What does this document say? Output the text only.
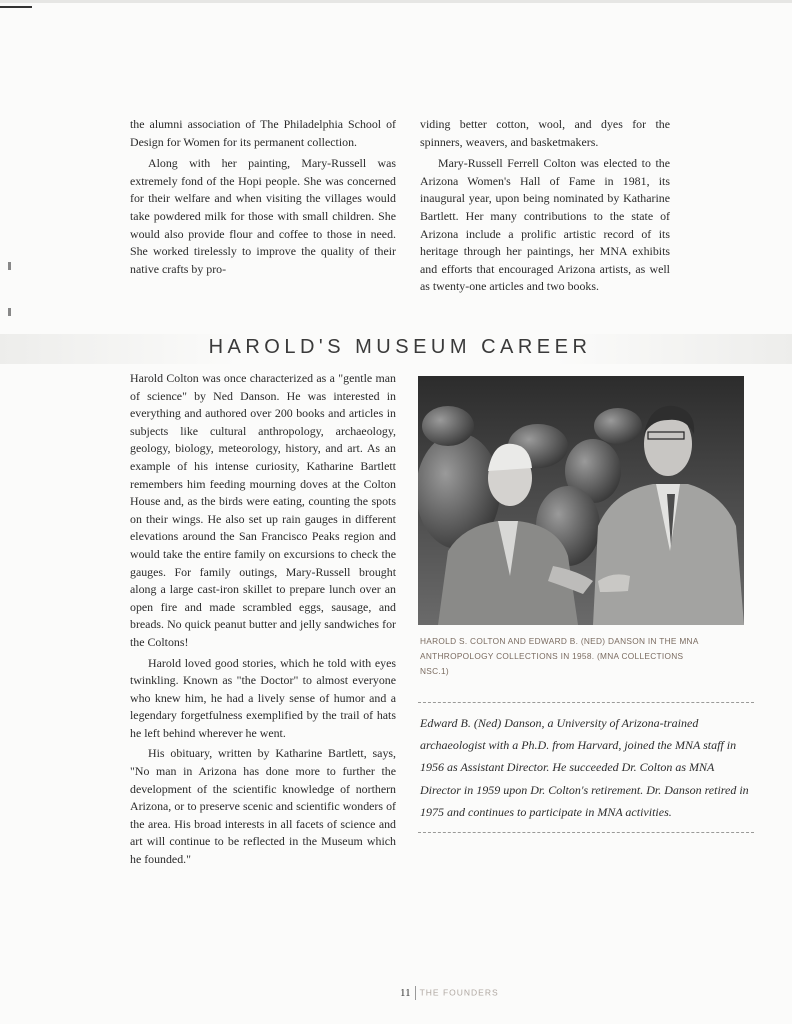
the alumni association of The Philadelphia School of Design for Women for its permanent collection.

Along with her painting, Mary-Russell was extremely fond of the Hopi people. She was concerned for their welfare and when visiting the villages would take powdered milk for those with small children. She would also provide flour and coffee to those in need. She worked tirelessly to improve the quality of their native crafts by pro-

viding better cotton, wool, and dyes for the spinners, weavers, and basketmakers.

Mary-Russell Ferrell Colton was elected to the Arizona Women's Hall of Fame in 1981, its inaugural year, upon being nominated by Katharine Bartlett. Her many contributions to the state of Arizona include a prolific artistic record of its heritage through her paintings, her MNA exhibits and efforts that encouraged Arizona artists, as well as twenty-one articles and two books.

HAROLD'S MUSEUM CAREER

Harold Colton was once characterized as a "gentle man of science" by Ned Danson. He was interested in everything and authored over 200 books and articles in subjects like cultural anthropology, archaeology, geology, biology, meteorology, history, and art. As an example of his intense curiosity, Katharine Bartlett remembers him feeding mourning doves at the Colton House and, as the birds were eating, counting the spots on their wings. He also set up rain gauges in different elevations around the San Francisco Peaks region and would take the entire family on excursions to check the gauges. For family outings, Mary-Russell brought along a large cast-iron skillet to prepare lunch over an open fire and made scrambled eggs, sausage, and breads. No quick peanut butter and jelly sandwiches for the Coltons!

Harold loved good stories, which he told with eyes twinkling. Known as "the Doctor" to almost everyone who knew him, he had a lively sense of humor and a legendary forgetfulness exemplified by the trail of hats he left behind wherever he went.

His obituary, written by Katharine Bartlett, says, "No man in Arizona has done more to further the development of the scientific knowledge of northern Arizona, or to preserve scenic and scientific wonders of the area. His broad interests in all facets of science and art will continue to be reflected in the Museum which he founded."

HAROLD S. COLTON AND EDWARD B. (NED) DANSON IN THE MNA ANTHROPOLOGY COLLECTIONS IN 1958. (MNA COLLECTIONS NSC.1)
Edward B. (Ned) Danson, a University of Arizona-trained archaeologist with a Ph.D. from Harvard, joined the MNA staff in 1956 as Assistant Director. He succeeded Dr. Colton as MNA Director in 1959 upon Dr. Colton's retirement. Dr. Danson retired in 1975 and continues to participate in MNA activities.
11 THE FOUNDERS
